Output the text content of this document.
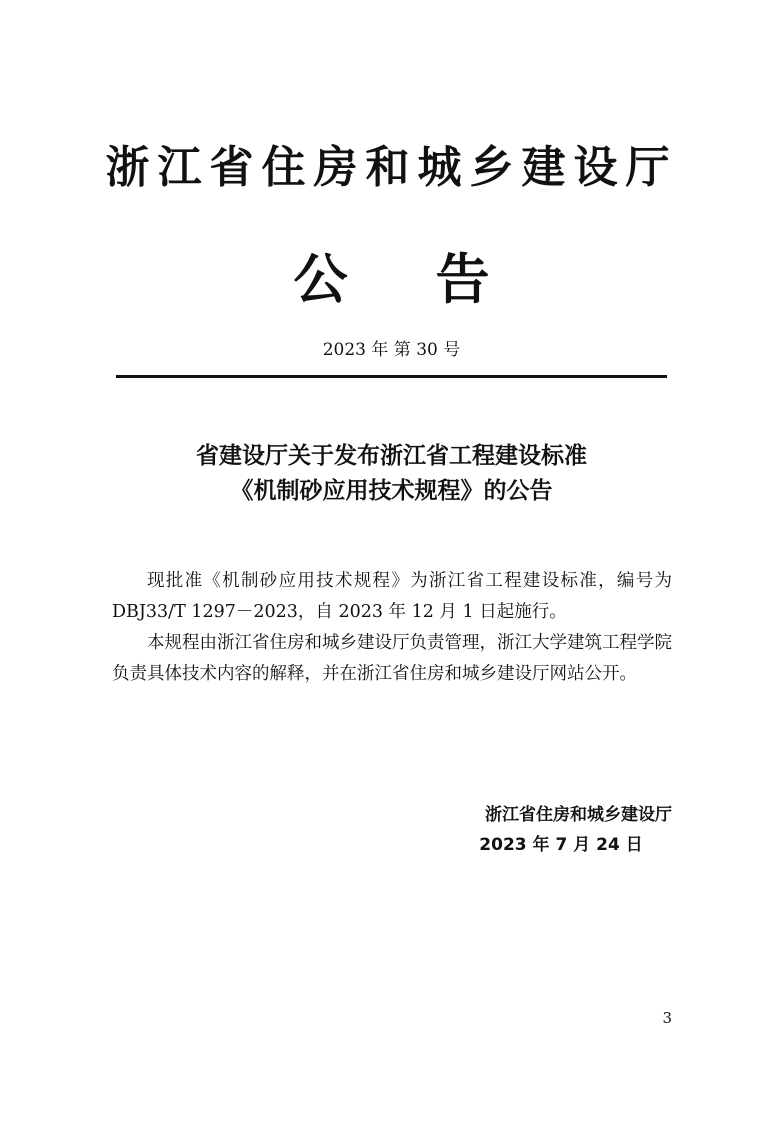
浙江省住房和城乡建设厅
公 告
2023 年 第 30 号
省建设厅关于发布浙江省工程建设标准
《机制砂应用技术规程》的公告

现批准《机制砂应用技术规程》为浙江省工程建设标准，编号为 DBJ33/T 1297－2023，自 2023 年 12 月 1 日起施行。

本规程由浙江省住房和城乡建设厅负责管理，浙江大学建筑工程学院负责具体技术内容的解释，并在浙江省住房和城乡建设厅网站公开。

浙江省住房和城乡建设厅
2023 年 7 月 24 日
3
